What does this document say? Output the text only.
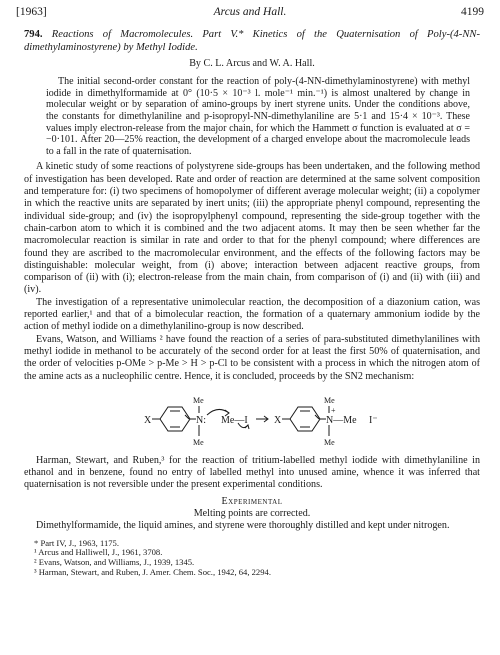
[1963]	Arcus and Hall.	4199

794. Reactions of Macromolecules. Part V.* Kinetics of the Quaternisation of Poly-(4-NN-dimethylaminostyrene) by Methyl Iodide.

By C. L. Arcus and W. A. Hall.

The initial second-order constant for the reaction of poly-(4-NN-dimethylaminostyrene) with methyl iodide in dimethylformamide at 0° (10·5 × 10⁻³ l. mole⁻¹ min.⁻¹) is almost unaltered by change in molecular weight or by separation of amino-groups by inert styrene units. Under the conditions above, the constants for dimethylaniline and p-isopropyl-NN-dimethylaniline are 5·1 and 15·4 × 10⁻³. These values imply electron-release from the major chain, for which the Hammett σ function is evaluated at σ = −0·101. After 20—25% reaction, the development of a charged envelope about the macromolecule leads to a fall in the rate of quaternisation.

A kinetic study of some reactions of polystyrene side-groups has been undertaken, and the following method of investigation has been developed. Rate and order of reaction are determined at the same solvent composition and temperature for: (i) two specimens of homopolymer of different average molecular weight; (ii) a copolymer in which the reactive units are separated by inert units; (iii) the appropriate phenyl compound, representing the individual side-group; and (iv) the isopropylphenyl compound, representing the side-group together with the chain-carbon atom to which it is combined and the two adjacent atoms. It may then be seen whether far the macromolecular reaction is similar in rate and order to that for the phenyl compound; where differences are found they are ascribed to the macromolecular environment, and the effects of the following factors may be distinguishable: molecular weight, from (i) above; interaction between adjacent reactive groups, from comparison of (ii) with (i); electron-release from the main chain, from comparison of (i) and (ii) with (iii) and (iv).

The investigation of a representative unimolecular reaction, the decomposition of a diazonium cation, was reported earlier,¹ and that of a bimolecular reaction, the formation of a quaternary ammonium iodide by the action of methyl iodide on a dimethylanilino-group is now described.

Evans, Watson, and Williams ² have found the reaction of a series of para-substituted dimethylanilines with methyl iodide in methanol to be accurately of the second order for at least the first 50% of quaternisation, and the order of velocities p-OMe > p-Me > H > p-Cl to be consistent with a process in which the nitrogen atom of the amine acts as a nucleophilic centre. Hence, it is concluded, proceeds by the SN2 mechanism:

X	N:
Me
Me
Me—I	X	N—Me
Me
Me
+
I⁻

Harman, Stewart, and Ruben,³ for the reaction of tritium-labelled methyl iodide with dimethylaniline in ethanol and in benzene, found no entry of labelled methyl into unused amine, whence it was inferred that quaternisation is not reversible under the present experimental conditions.

Experimental

Melting points are corrected.

Dimethylformamide, the liquid amines, and styrene were thoroughly distilled and kept under nitrogen.

* Part IV, J., 1963, 1175.
¹ Arcus and Halliwell, J., 1961, 3708.
² Evans, Watson, and Williams, J., 1939, 1345.
³ Harman, Stewart, and Ruben, J. Amer. Chem. Soc., 1942, 64, 2294.
